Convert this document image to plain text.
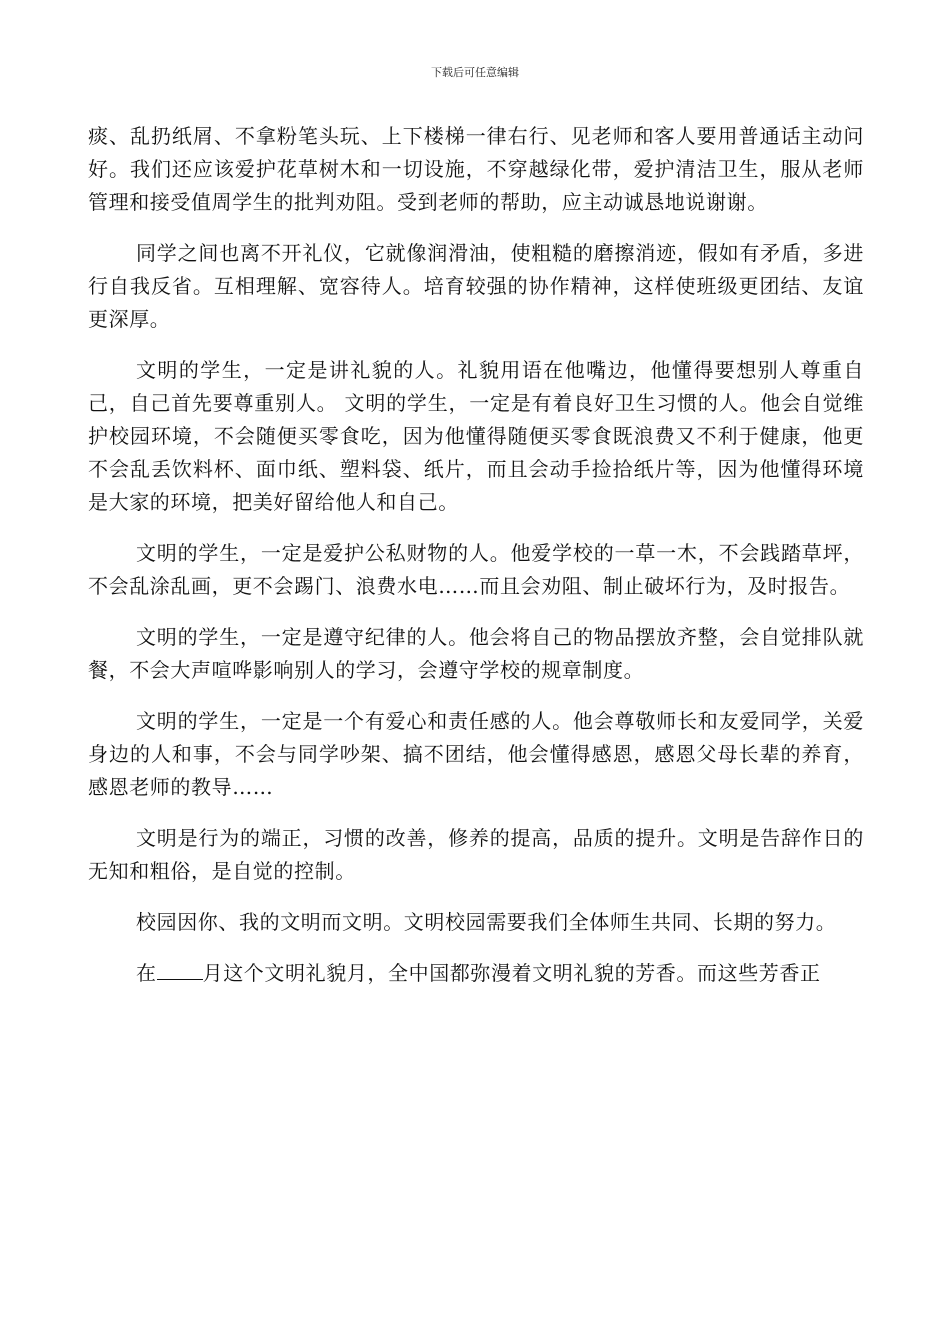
下载后可任意编辑

痰、乱扔纸屑、不拿粉笔头玩、上下楼梯一律右行、见老师和客人要用普通话主动问好。我们还应该爱护花草树木和一切设施，不穿越绿化带，爱护清洁卫生，服从老师管理和接受值周学生的批判劝阻。受到老师的帮助，应主动诚恳地说谢谢。

同学之间也离不开礼仪，它就像润滑油，使粗糙的磨擦消迹，假如有矛盾，多进行自我反省。互相理解、宽容待人。培育较强的协作精神，这样使班级更团结、友谊更深厚。

文明的学生，一定是讲礼貌的人。礼貌用语在他嘴边，他懂得要想别人尊重自己，自己首先要尊重别人。 文明的学生，一定是有着良好卫生习惯的人。他会自觉维护校园环境，不会随便买零食吃，因为他懂得随便买零食既浪费又不利于健康，他更不会乱丢饮料杯、面巾纸、塑料袋、纸片，而且会动手捡拾纸片等，因为他懂得环境是大家的环境，把美好留给他人和自己。

文明的学生，一定是爱护公私财物的人。他爱学校的一草一木，不会践踏草坪，不会乱涂乱画，更不会踢门、浪费水电……而且会劝阻、制止破坏行为，及时报告。

文明的学生，一定是遵守纪律的人。他会将自己的物品摆放齐整，会自觉排队就餐，不会大声喧哗影响别人的学习，会遵守学校的规章制度。

文明的学生，一定是一个有爱心和责任感的人。他会尊敬师长和友爱同学，关爱身边的人和事，不会与同学吵架、搞不团结，他会懂得感恩，感恩父母长辈的养育，感恩老师的教导……

文明是行为的端正，习惯的改善，修养的提高，品质的提升。文明是告辞作日的无知和粗俗，是自觉的控制。

校园因你、我的文明而文明。文明校园需要我们全体师生共同、长期的努力。

在 月这个文明礼貌月，全中国都弥漫着文明礼貌的芳香。而这些芳香正
